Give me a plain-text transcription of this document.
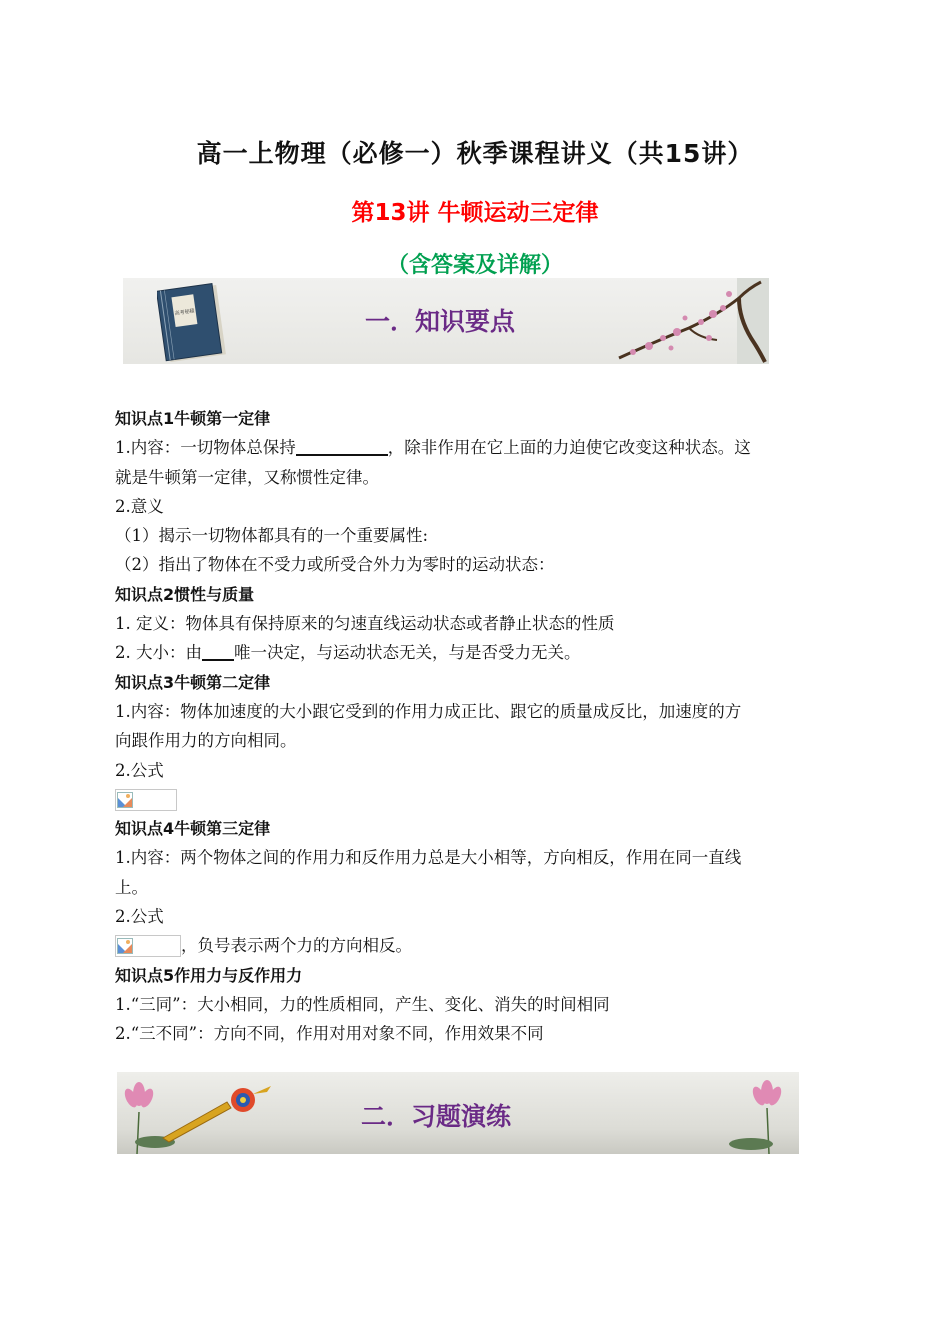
高一上物理（必修一）秋季课程讲义（共15讲）
第13讲 牛顿运动三定律
（含答案及详解）
高考秘籍	一．知识要点

知识点1牛顿第一定律

1.内容：一切物体总保持	，除非作用在它上面的力迫使它改变这种状态。这

就是牛顿第一定律，又称惯性定律。

2.意义

（1）揭示一切物体都具有的一个重要属性:

（2）指出了物体在不受力或所受合外力为零时的运动状态：

知识点2惯性与质量

1. 定义：物体具有保持原来的匀速直线运动状态或者静止状态的性质

2. 大小：由 唯一决定，与运动状态无关，与是否受力无关。

知识点3牛顿第二定律

1.内容：物体加速度的大小跟它受到的作用力成正比、跟它的质量成反比，加速度的方

向跟作用力的方向相同。

2.公式

知识点4牛顿第三定律

1.内容：两个物体之间的作用力和反作用力总是大小相等，方向相反，作用在同一直线

上。

2.公式

，负号表示两个力的方向相反。

知识点5作用力与反作用力

1.“三同”：大小相同，力的性质相同，产生、变化、消失的时间相同

2.“三不同”：方向不同，作用对用对象不同，作用效果不同

二．习题演练
